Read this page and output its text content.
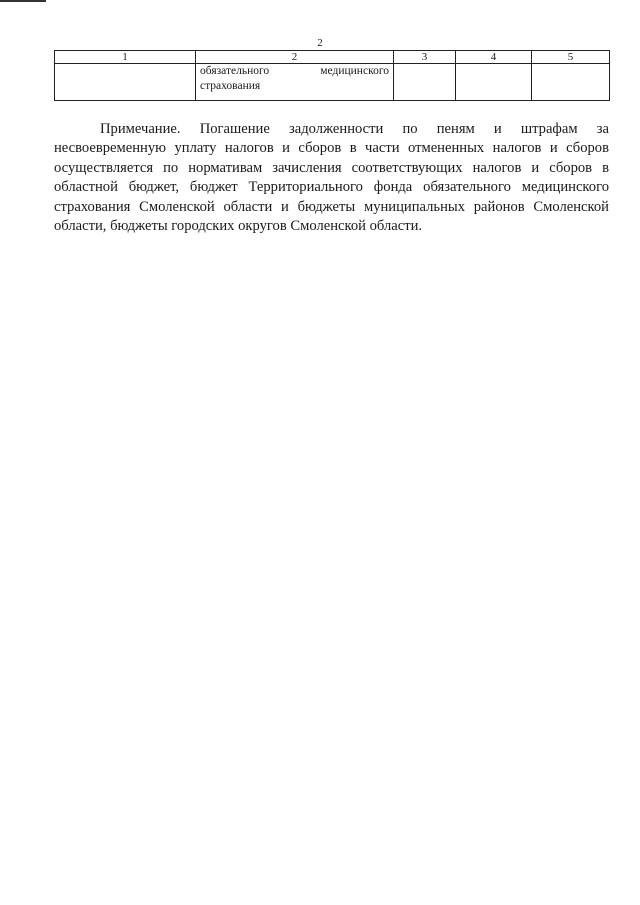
2
1	2	3	4	5

	обязательного медицинского
страхования			

Примечание. Погашение задолженности по пеням и штрафам за несвоевременную уплату налогов и сборов в части отмененных налогов и сборов осуществляется по нормативам зачисления соответствующих налогов и сборов в областной бюджет, бюджет Территориального фонда обязательного медицинского страхования Смоленской области и бюджеты муниципальных районов Смоленской области, бюджеты городских округов Смоленской области.
